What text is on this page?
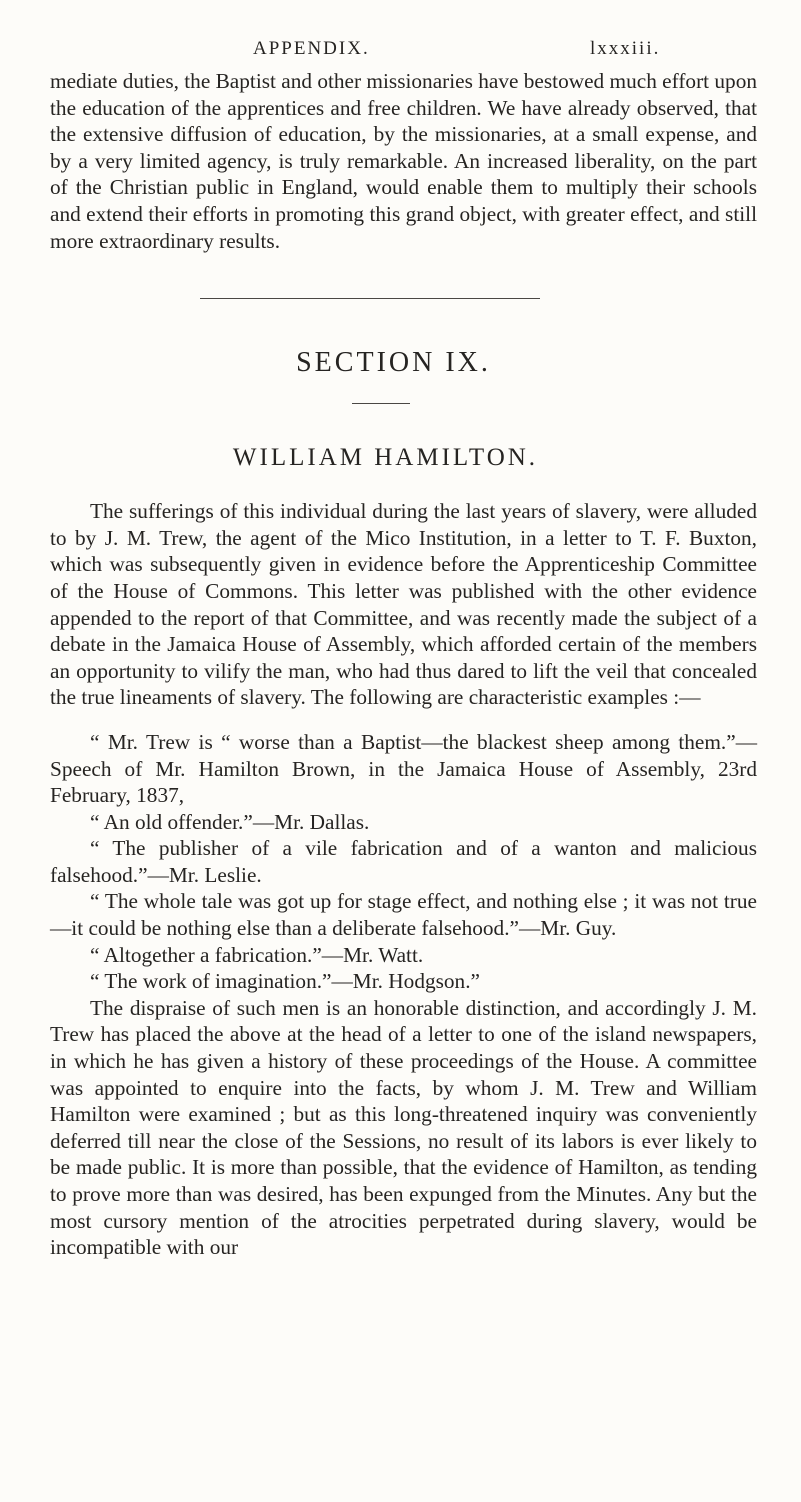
APPENDIX.	lxxxiii.

mediate duties, the Baptist and other missionaries have bestowed much effort upon the education of the apprentices and free children. We have already observed, that the extensive diffusion of education, by the missionaries, at a small expense, and by a very limited agency, is truly remarkable. An increased liberality, on the part of the Christian public in England, would enable them to multiply their schools and extend their efforts in promoting this grand object, with greater effect, and still more extraordinary results.

SECTION IX.
WILLIAM HAMILTON.

The sufferings of this individual during the last years of slavery, were alluded to by J. M. Trew, the agent of the Mico Institution, in a letter to T. F. Buxton, which was subsequently given in evidence before the Apprenticeship Committee of the House of Commons. This letter was published with the other evidence appended to the report of that Committee, and was recently made the subject of a debate in the Jamaica House of Assembly, which afforded certain of the members an opportunity to vilify the man, who had thus dared to lift the veil that concealed the true lineaments of slavery. The following are characteristic examples :—

“ Mr. Trew is “ worse than a Baptist—the blackest sheep among them.”—Speech of Mr. Hamilton Brown, in the Jamaica House of Assembly, 23rd February, 1837,

“ An old offender.”—Mr. Dallas.

“ The publisher of a vile fabrication and of a wanton and malicious falsehood.”—Mr. Leslie.

“ The whole tale was got up for stage effect, and nothing else ; it was not true—it could be nothing else than a deliberate falsehood.”—Mr. Guy.

“ Altogether a fabrication.”—Mr. Watt.

“ The work of imagination.”—Mr. Hodgson.”

The dispraise of such men is an honorable distinction, and accordingly J. M. Trew has placed the above at the head of a letter to one of the island newspapers, in which he has given a history of these proceedings of the House. A committee was appointed to enquire into the facts, by whom J. M. Trew and William Hamilton were examined ; but as this long-threatened inquiry was conveniently deferred till near the close of the Sessions, no result of its labors is ever likely to be made public. It is more than possible, that the evidence of Hamilton, as tending to prove more than was desired, has been expunged from the Minutes. Any but the most cursory mention of the atrocities perpetrated during slavery, would be incompatible with our
